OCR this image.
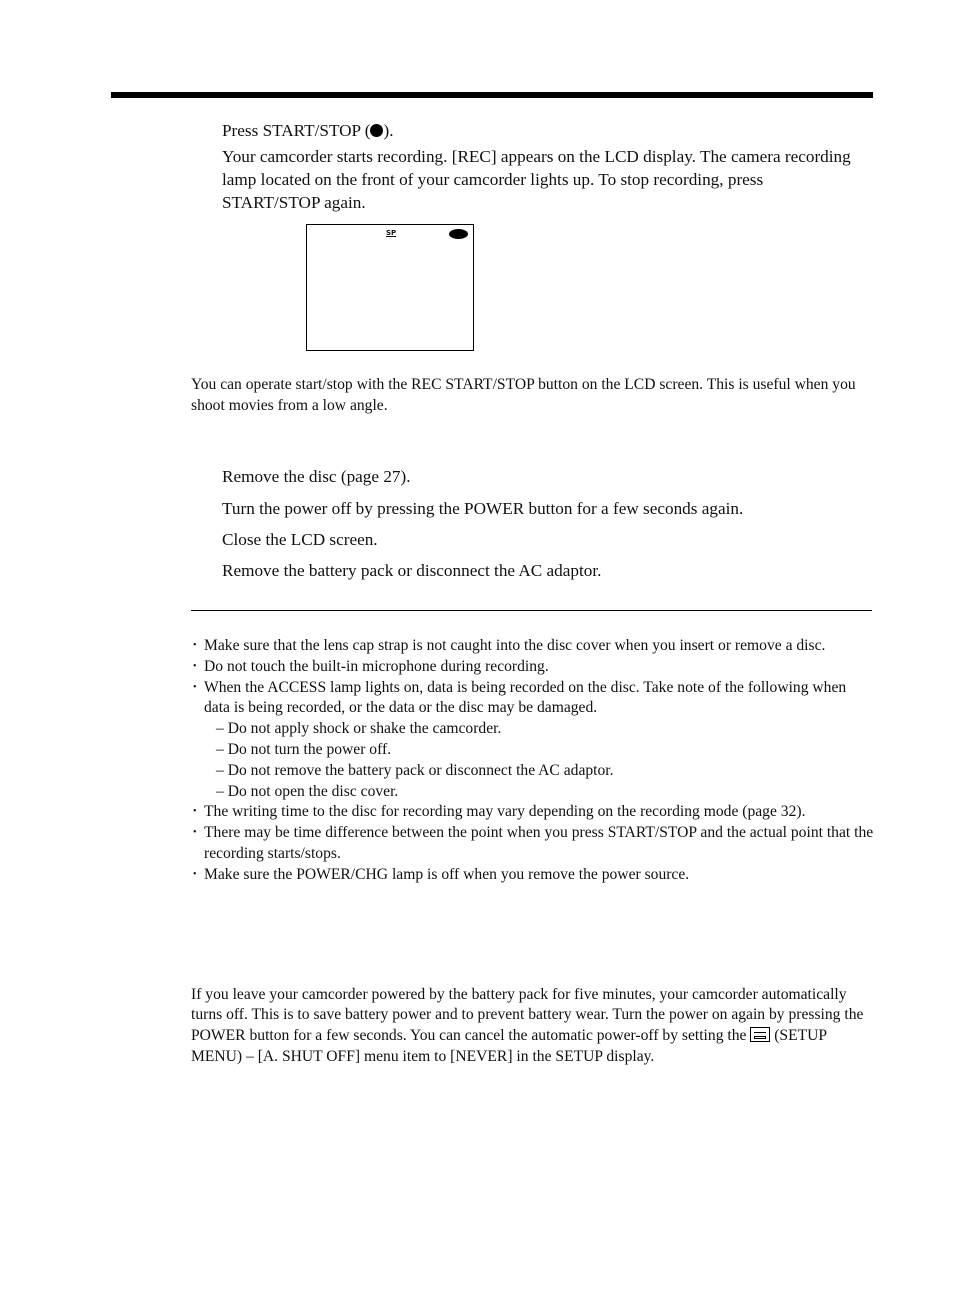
Press START/STOP ( ).

Your camcorder starts recording. [REC] appears on the LCD display. The camera recording lamp located on the front of your camcorder lights up. To stop recording, press START/STOP again.

SP

You can operate start/stop with the REC START/STOP button on the LCD screen. This is useful when you shoot movies from a low angle.

Remove the disc (page 27).

Turn the power off by pressing the POWER button for a few seconds again.

Close the LCD screen.

Remove the battery pack or disconnect the AC adaptor.

• Make sure that the lens cap strap is not caught into the disc cover when you insert or remove a disc.
• Do not touch the built-in microphone during recording.
• When the ACCESS lamp lights on, data is being recorded on the disc. Take note of the following when data is being recorded, or the data or the disc may be damaged.
– Do not apply shock or shake the camcorder.
– Do not turn the power off.
– Do not remove the battery pack or disconnect the AC adaptor.
– Do not open the disc cover.
• The writing time to the disc for recording may vary depending on the recording mode (page 32).
• There may be time difference between the point when you press START/STOP and the actual point that the recording starts/stops.
• Make sure the POWER/CHG lamp is off when you remove the power source.

If you leave your camcorder powered by the battery pack for five minutes, your camcorder automatically turns off. This is to save battery power and to prevent battery wear. Turn the power on again by pressing the POWER button for a few seconds. You can cancel the automatic power-off by setting the  (SETUP MENU) – [A. SHUT OFF] menu item to [NEVER] in the SETUP display.
